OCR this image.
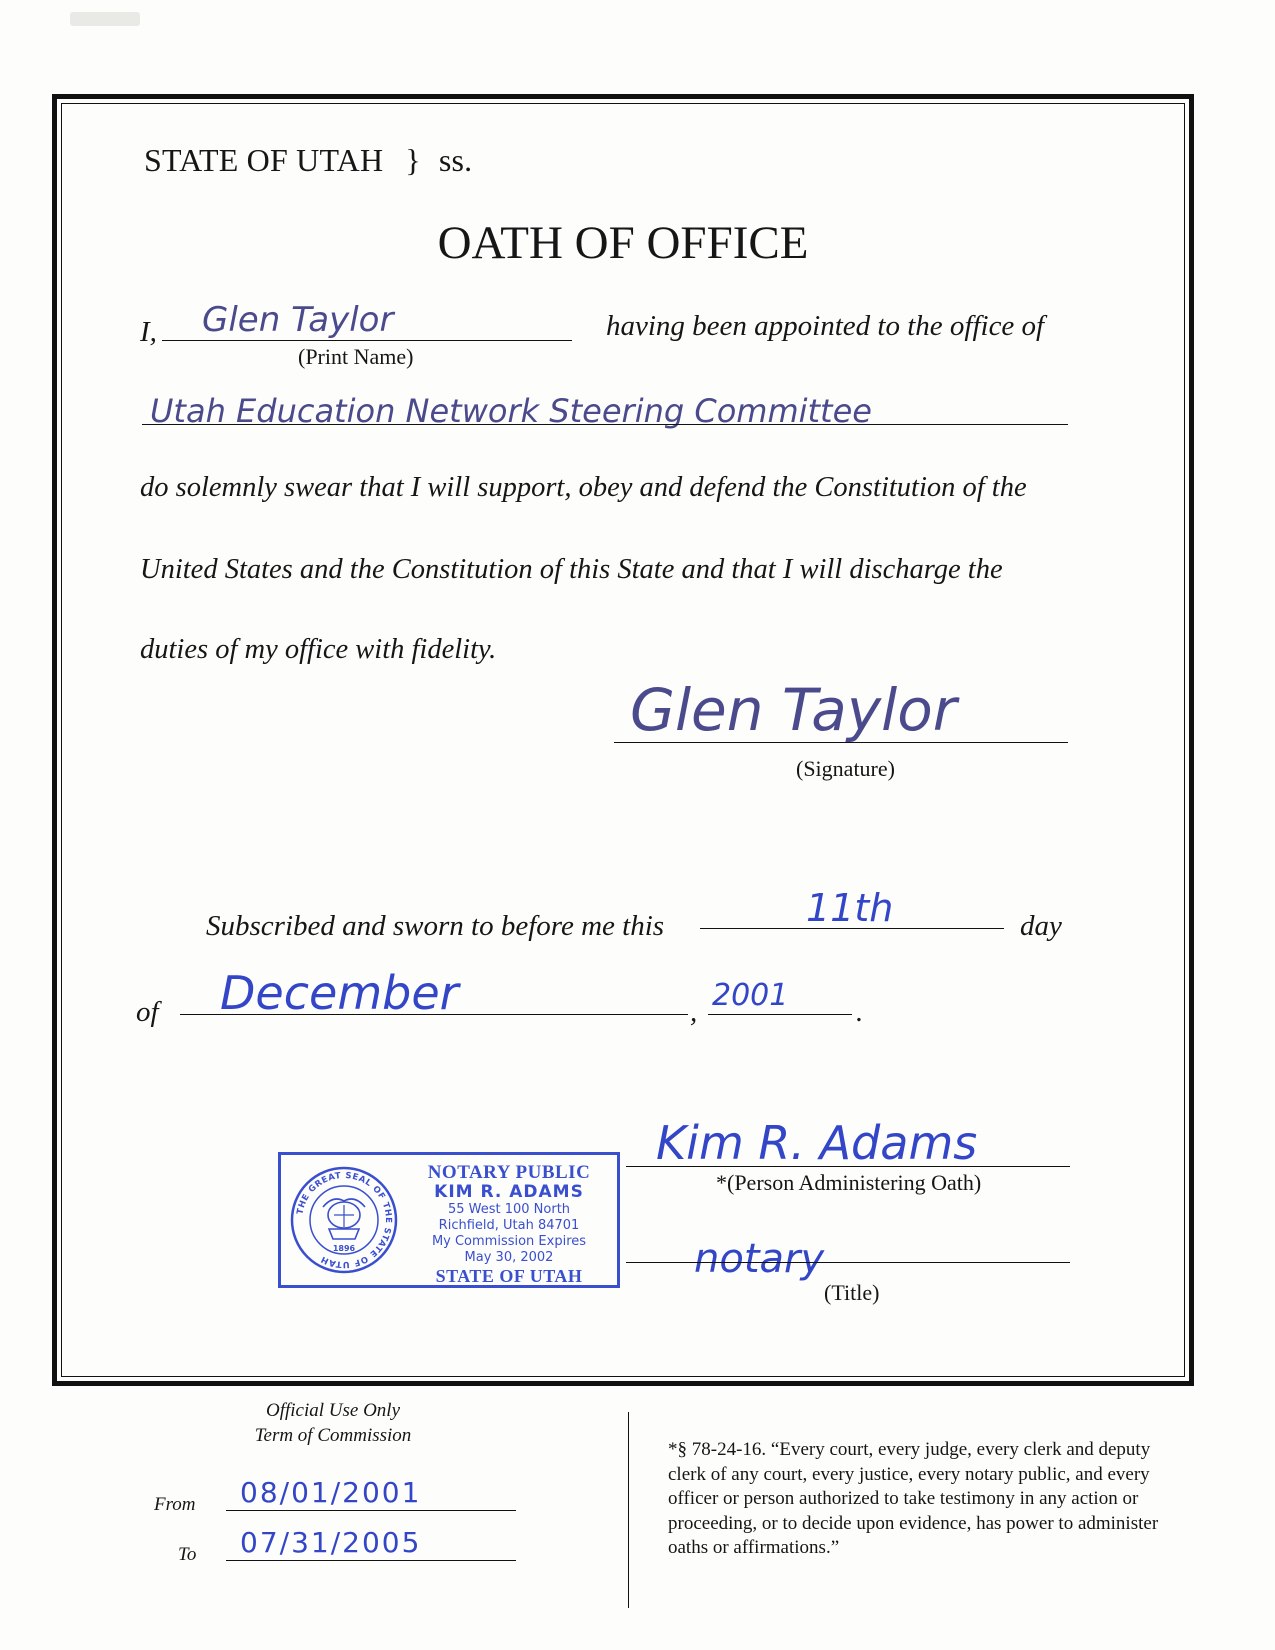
STATE OF UTAH } ss.
OATH OF OFFICE
I, Glen Taylor
(Print Name)
having been appointed to the office of
Utah Education Network Steering Committee
do solemnly swear that I will support, obey and defend the Constitution of the
United States and the Constitution of this State and that I will discharge the
duties of my office with fidelity.
Glen Taylor
(Signature)
Subscribed and sworn to before me this	11th	day
of December	, 2001 .
THE GREAT SEAL OF THE STATE OF UTAH
1896
NOTARY PUBLIC
KIM R. ADAMS
55 West 100 North
Richfield, Utah 84701
My Commission Expires
May 30, 2002
STATE OF UTAH
Kim R. Adams
*(Person Administering Oath)
notary
(Title)
Official Use Only
Term of Commission
From 08/01/2001
To 07/31/2005
*§ 78-24-16. “Every court, every judge, every clerk and deputy clerk of any court, every justice, every notary public, and every officer or person authorized to take testimony in any action or proceeding, or to decide upon evidence, has power to administer oaths or affirmations.”
